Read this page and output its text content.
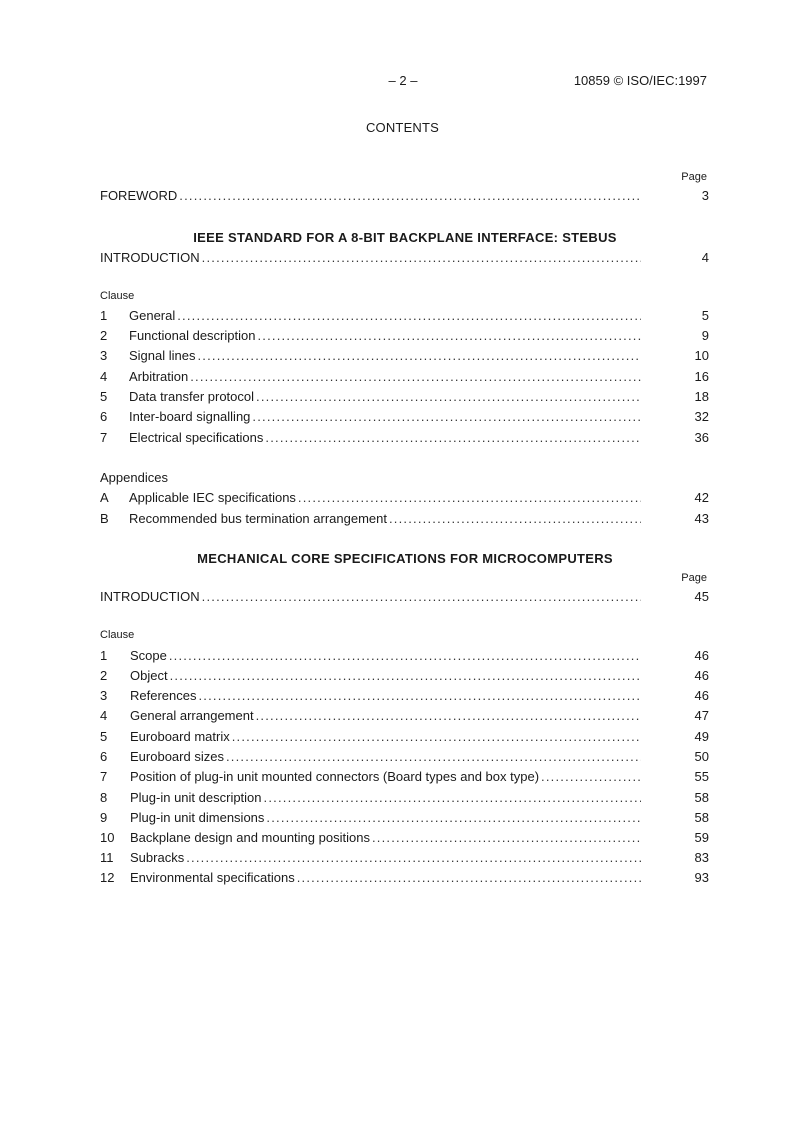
– 2 –	10859 © ISO/IEC:1997
CONTENTS
Page
FOREWORD .....	3
IEEE STANDARD FOR A 8-BIT BACKPLANE INTERFACE: STEBUS
INTRODUCTION .....	4
Clause
1	General .....	5
2	Functional description .....	9
3	Signal lines .....	10
4	Arbitration .....	16
5	Data transfer protocol .....	18
6	Inter-board signalling .....	32
7	Electrical specifications .....	36
Appendices
A	Applicable IEC specifications .....	42
B	Recommended bus termination arrangement .....	43
MECHANICAL CORE SPECIFICATIONS FOR MICROCOMPUTERS
Page
INTRODUCTION .....	45
Clause
1	Scope .....	46
2	Object .....	46
3	References .....	46
4	General arrangement .....	47
5	Euroboard matrix .....	49
6	Euroboard sizes .....	50
7	Position of plug-in unit mounted connectors (Board types and box type) .....	55
8	Plug-in unit description .....	58
9	Plug-in unit dimensions .....	58
10	Backplane design and mounting positions .....	59
11	Subracks .....	83
12	Environmental specifications .....	93
